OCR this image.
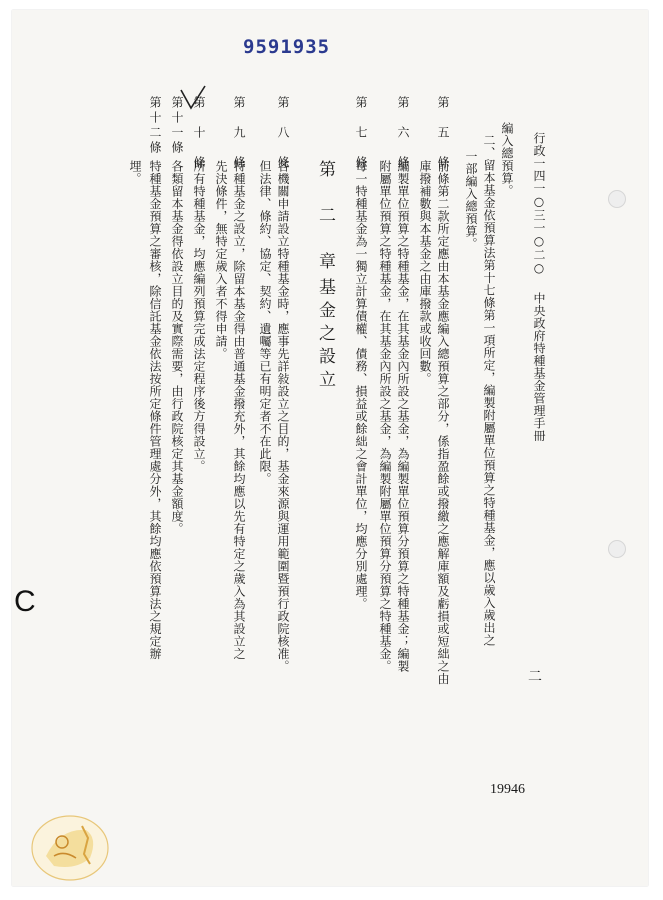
9591935
行政一四一○三一○二○
中央政府特種基金管理手冊
二
編入總預算。
二、留本基金依預算法第十七條第一項所定，編製附屬單位預算之特種基金，應以歲入歲出之
一部編入總預算。
第　五　條
前條第二款所定應由本基金應編入總預算之部分，係指盈餘或撥繳之應解庫額及虧損或短絀之由
庫撥補數與本基金之由庫撥款或收回數。
第　六　條
編製單位預算之特種基金，在其基金內所設之基金，為編製單位預算分預算之特種基金；編製
附屬單位預算之特種基金，在其基金內所設之基金，為編製附屬單位預算分預算之特種基金。
第　七　條
每一特種基金為一獨立計算債權、債務、損益或餘絀之會計單位，均應分別處理。
第　二　章
基金之設立
第　八　條
各機關申請設立特種基金時，應事先詳敍設立之目的，基金來源與運用範圍暨預行政院核准。
但法律、條約、協定、契約、遺囑等已有明定者不在此限。
第　九　條
特種基金之設立，除留本基金得由普通基金撥充外，其餘均應以先有特定之歲入為其設立之
先決條件，無特定歲入者不得申請。
第　十　條
所有特種基金，均應編列預算完成法定程序後方得設立。
第十一條
各類留本基金得依設立目的及實際需要，由行政院核定其基金額度。
第十二條
特種基金預算之審核，除信託基金依法按所定條件管理處分外，其餘均應依預算法之規定辦
埋。
C
19946
